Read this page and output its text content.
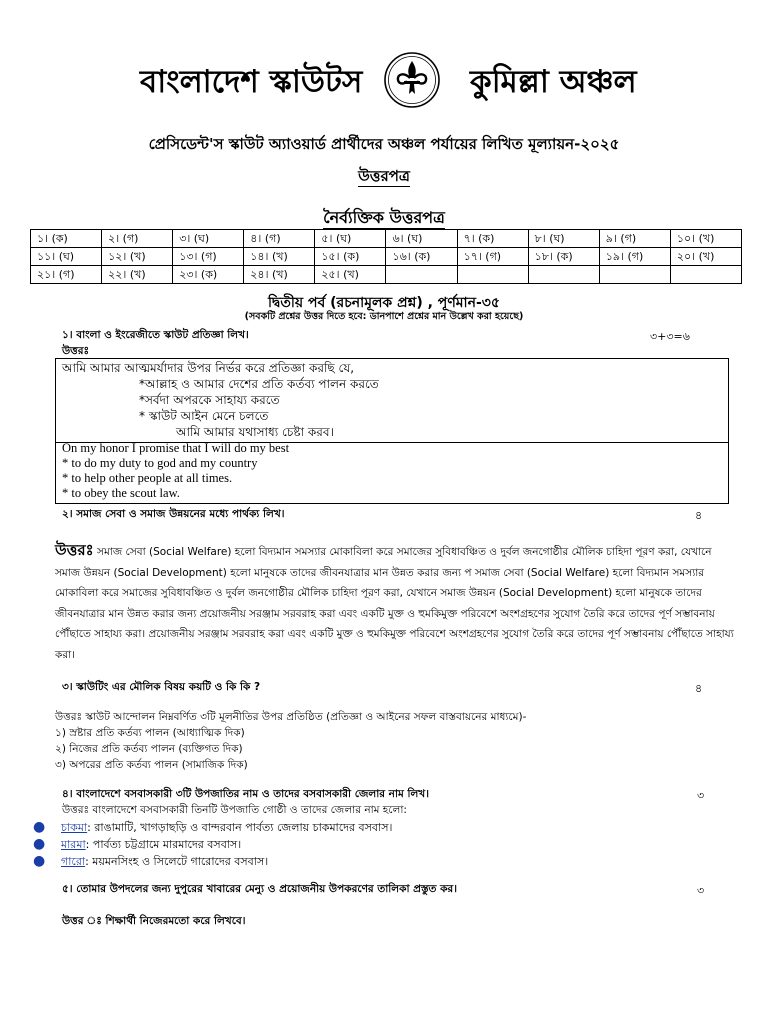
বাংলাদেশ স্কাউটস	কুমিল্লা অঞ্চল
প্রেসিডেন্ট'স স্কাউট অ্যাওয়ার্ড প্রার্থীদের অঞ্চল পর্যায়ের লিখিত মূল্যায়ন-২০২৫
উত্তরপত্র
নৈর্ব্যক্তিক উত্তরপত্র
১। (ক)	২। (গ)	৩। (ঘ)	৪। (গ)	৫। (ঘ)	৬। (ঘ)	৭। (ক)	৮। (ঘ)	৯। (গ)	১০। (খ)
১১। (ঘ)	১২। (খ)	১৩। (গ)	১৪। (খ)	১৫। (ক)	১৬। (ক)	১৭। (গ)	১৮। (ক)	১৯। (গ)	২০। (খ)
২১। (গ)	২২। (খ)	২৩। (ক)	২৪। (খ)	২৫। (খ)					
দ্বিতীয় পর্ব (রচনামূলক প্রশ্ন) , পূর্ণমান-৩৫
(সবকটি প্রশ্নের উত্তর দিতে হবে: ডানপাশে প্রশ্নের মান উল্লেখ করা হয়েছে)
১। বাংলা ও ইংরেজীতে স্কাউট প্রতিজ্ঞা লিখ।	৩+৩=৬
উত্তরঃ
আমি আমার আত্মমর্যাদার উপর নির্ভর করে প্রতিজ্ঞা করছি যে,
*আল্লাহ ও আমার দেশের প্রতি কর্তব্য পালন করতে
*সর্বদা অপরকে সাহায্য করতে
* স্কাউট আইন মেনে চলতে
আমি আমার যথাসাধ্য চেষ্টা করব।
On my honor I promise that I will do my best
* to do my duty to god and my country
* to help other people at all times.
* to obey the scout law.
২। সমাজ সেবা ও সমাজ উন্নয়নের মধ্যে পার্থক্য লিখ।	৪
উত্তরঃ সমাজ সেবা (Social Welfare) হলো বিদ্যমান সমস্যার মোকাবিলা করে সমাজের সুবিধাবঞ্চিত ও দুর্বল জনগোষ্ঠীর মৌলিক চাহিদা পূরণ করা, যেখানে সমাজ উন্নয়ন (Social Development) হলো মানুষকে তাদের জীবনযাত্রার মান উন্নত করার জন্য প সমাজ সেবা (Social Welfare) হলো বিদ্যমান সমস্যার মোকাবিলা করে সমাজের সুবিধাবঞ্চিত ও দুর্বল জনগোষ্ঠীর মৌলিক চাহিদা পূরণ করা, যেখানে সমাজ উন্নয়ন (Social Development) হলো মানুষকে তাদের জীবনযাত্রার মান উন্নত করার জন্য প্রয়োজনীয় সরঞ্জাম সরবরাহ করা এবং একটি মুক্ত ও হুমকিমুক্ত পরিবেশে অংশগ্রহণের সুযোগ তৈরি করে তাদের পূর্ণ সম্ভাবনায় পৌঁছাতে সাহায্য করা। প্রয়োজনীয় সরঞ্জাম সরবরাহ করা এবং একটি মুক্ত ও হুমকিমুক্ত পরিবেশে অংশগ্রহণের সুযোগ তৈরি করে তাদের পূর্ণ সম্ভাবনায় পৌঁছাতে সাহায্য করা।
৩। স্কাউটিং এর মৌলিক বিষয় কয়টি ও কি কি ?	৪
উত্তরঃ স্কাউট আন্দোলন নিম্নবর্ণিত ৩টি মূলনীতির উপর প্রতিষ্ঠিত (প্রতিজ্ঞা ও আইনের সফল বাস্তবায়নের মাধ্যমে)-
১) স্রষ্টার প্রতি কর্তব্য পালন (আধ্যাত্মিক দিক)
২) নিজের প্রতি কর্তব্য পালন (ব্যক্তিগত দিক)
৩) অপরের প্রতি কর্তব্য পালন (সামাজিক দিক)
৪। বাংলাদেশে বসবাসকারী ৩টি উপজাতির নাম ও তাদের বসবাসকারী জেলার নাম লিখ।	৩
উত্তরঃ বাংলাদেশে বসবাসকারী তিনটি উপজাতি গোষ্ঠী ও তাদের জেলার নাম হলো:
● চাকমা: রাঙামাটি, খাগড়াছড়ি ও বান্দরবান পার্বত্য জেলায় চাকমাদের বসবাস।
● মারমা: পার্বত্য চট্টগ্রামে মারমাদের বসবাস।
● গারো: ময়মনসিংহ ও সিলেটে গারোদের বসবাস।
৫। তোমার উপদলের জন্য দুপুরের খাবারের মেন্যু ও প্রয়োজনীয় উপকরণের তালিকা প্রস্তুত কর।	৩
উত্তর ঃ শিক্ষার্থী নিজেরমতো করে লিখবে।
